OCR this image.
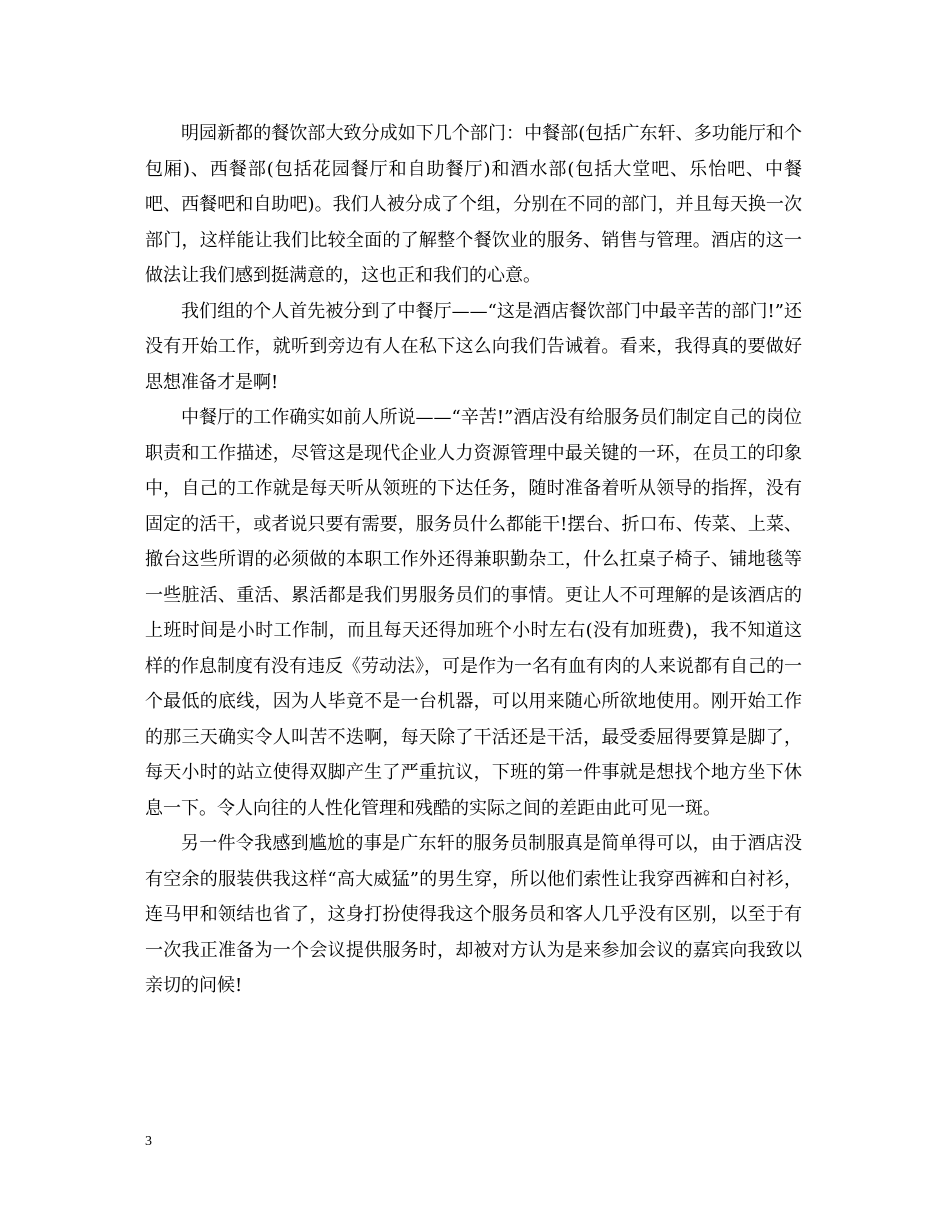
明园新都的餐饮部大致分成如下几个部门：中餐部(包括广东轩、多功能厅和个包厢)、西餐部(包括花园餐厅和自助餐厅)和酒水部(包括大堂吧、乐怡吧、中餐吧、西餐吧和自助吧)。我们人被分成了个组，分别在不同的部门，并且每天换一次部门，这样能让我们比较全面的了解整个餐饮业的服务、销售与管理。酒店的这一做法让我们感到挺满意的，这也正和我们的心意。

我们组的个人首先被分到了中餐厅——“这是酒店餐饮部门中最辛苦的部门!”还没有开始工作，就听到旁边有人在私下这么向我们告诫着。看来，我得真的要做好思想准备才是啊!

中餐厅的工作确实如前人所说——“辛苦!”酒店没有给服务员们制定自己的岗位职责和工作描述，尽管这是现代企业人力资源管理中最关键的一环，在员工的印象中，自己的工作就是每天听从领班的下达任务，随时准备着听从领导的指挥，没有固定的活干，或者说只要有需要，服务员什么都能干!摆台、折口布、传菜、上菜、撤台这些所谓的必须做的本职工作外还得兼职勤杂工，什么扛桌子椅子、铺地毯等一些脏活、重活、累活都是我们男服务员们的事情。更让人不可理解的是该酒店的上班时间是小时工作制，而且每天还得加班个小时左右(没有加班费)，我不知道这样的作息制度有没有违反《劳动法》，可是作为一名有血有肉的人来说都有自己的一个最低的底线，因为人毕竟不是一台机器，可以用来随心所欲地使用。刚开始工作的那三天确实令人叫苦不迭啊，每天除了干活还是干活，最受委屈得要算是脚了，每天小时的站立使得双脚产生了严重抗议，下班的第一件事就是想找个地方坐下休息一下。令人向往的人性化管理和残酷的实际之间的差距由此可见一斑。

另一件令我感到尴尬的事是广东轩的服务员制服真是简单得可以，由于酒店没有空余的服装供我这样“高大威猛”的男生穿，所以他们索性让我穿西裤和白衬衫，连马甲和领结也省了，这身打扮使得我这个服务员和客人几乎没有区别，以至于有一次我正准备为一个会议提供服务时，却被对方认为是来参加会议的嘉宾向我致以亲切的问候!

3
